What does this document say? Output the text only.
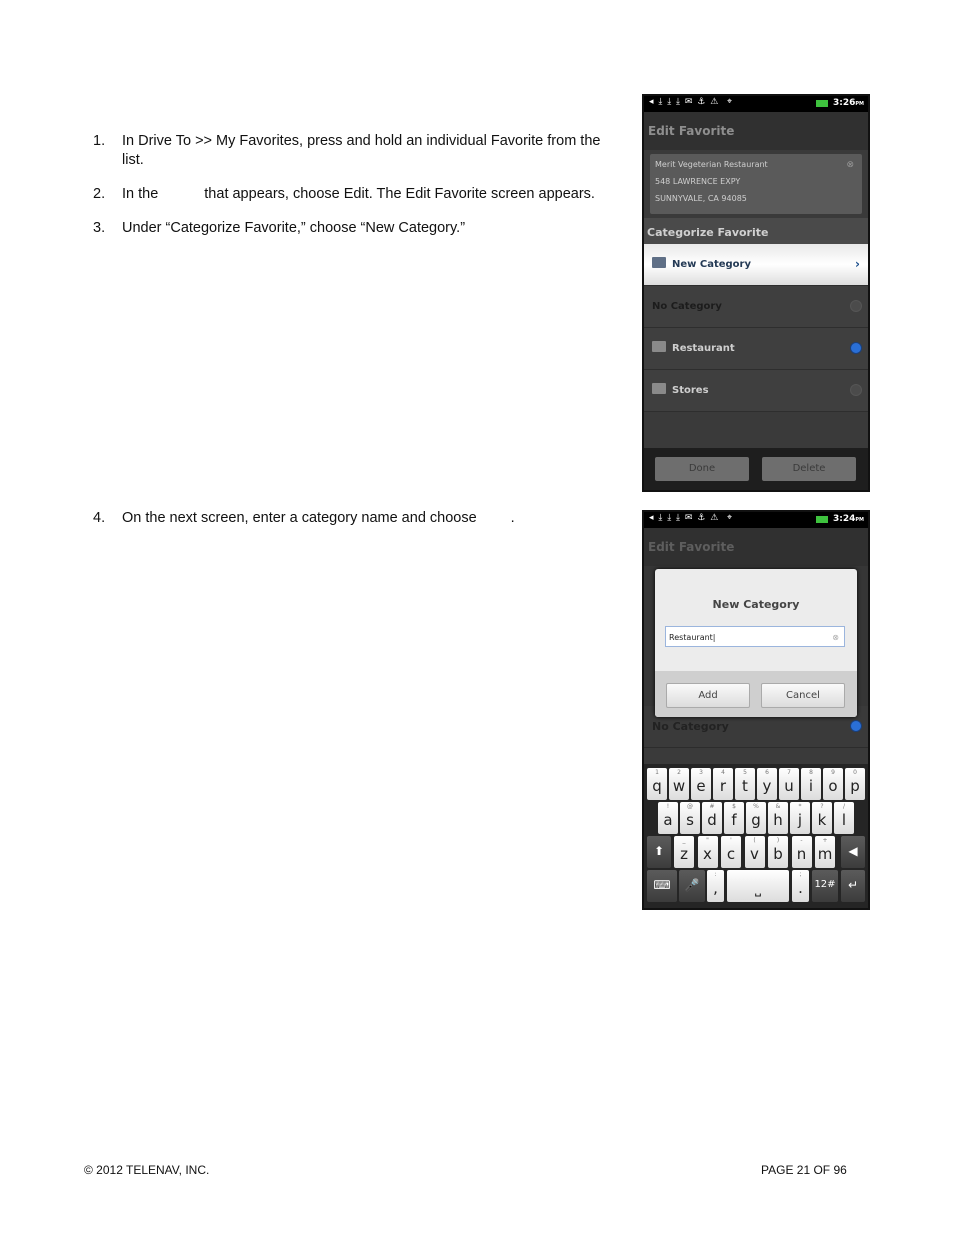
1.	In Drive To >> My Favorites, press and hold an individual Favorite from the list.
2.	In the	that appears, choose Edit. The Edit Favorite screen appears.
3.	Under “Categorize Favorite,” choose “New Category.”
4.	On the next screen, enter a category name and choose .
◂ ⤓ ⤓ ⤓ ✉ ⚓ ⚠  ⌖	3:26PM
Edit Favorite
Merit Vegeterian Restaurant
548 LAWRENCE EXPY
SUNNYVALE, CA 94085
⊗
Categorize Favorite
New Category	›
No Category
Restaurant
Stores
Done	Delete
◂ ⤓ ⤓ ⤓ ✉ ⚓ ⚠  ⌖	3:24PM
Edit Favorite
No Category
New Category
Restaurant|	⊗
Add	Cancel
1
q
2
w
3
e
4
r
5
t
6
y
7
u
8
i
9
o
0
p
!
a
@
s
#
d
$
f
%
g
&
h
*
j
?
k
/
l
⬆	◀
_
z
"
x
'
c
(
v
)
b
-
n
+
m
⌨	🎤
:
,	⎵
;
.	12#	↵
© 2012 TELENAV, INC.	PAGE 21 OF 96
